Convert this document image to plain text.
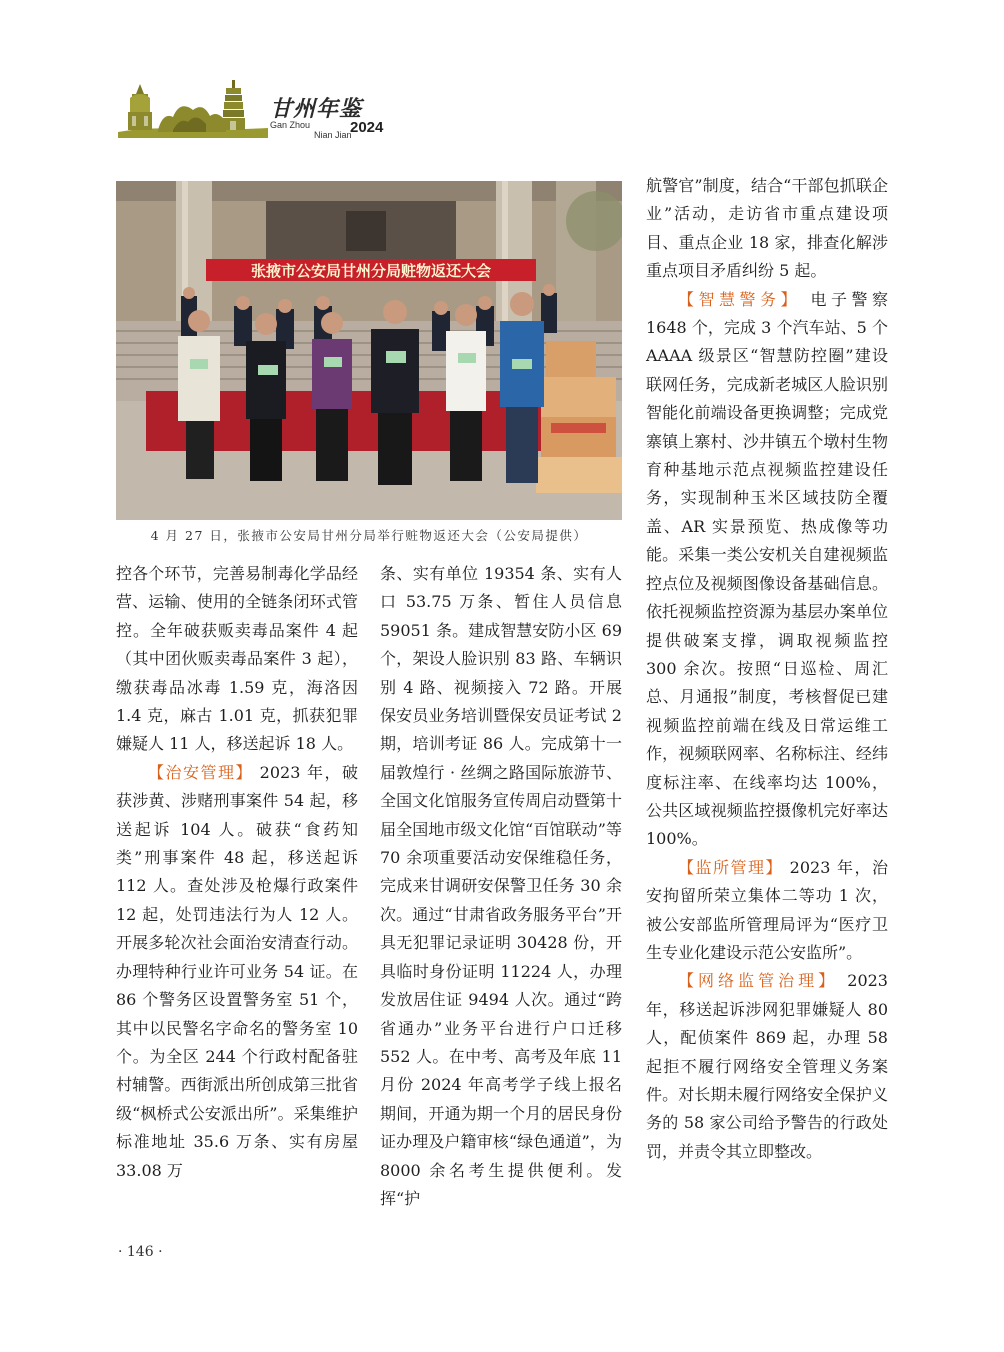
甘州年鉴
Gan Zhou
Nian Jian
2024
张掖市公安局甘州分局赃物返还大会
4 月 27 日，张掖市公安局甘州分局举行赃物返还大会（公安局提供）

控各个环节，完善易制毒化学品经营、运输、使用的全链条闭环式管控。全年破获贩卖毒品案件 4 起（其中团伙贩卖毒品案件 3 起），缴获毒品冰毒 1.59 克，海洛因 1.4 克，麻古 1.01 克，抓获犯罪嫌疑人 11 人，移送起诉 18 人。

【治安管理】 2023 年，破获涉黄、涉赌刑事案件 54 起，移送起诉 104 人。破获“食药知类”刑事案件 48 起，移送起诉 112 人。查处涉及枪爆行政案件 12 起，处罚违法行为人 12 人。开展多轮次社会面治安清查行动。办理特种行业许可业务 54 证。在 86 个警务区设置警务室 51 个，其中以民警名字命名的警务室 10 个。为全区 244 个行政村配备驻村辅警。西街派出所创成第三批省级“枫桥式公安派出所”。采集维护标准地址 35.6 万条、实有房屋 33.08 万

条、实有单位 19354 条、实有人口 53.75 万条、暂住人员信息 59051 条。建成智慧安防小区 69 个，架设人脸识别 83 路、车辆识别 4 路、视频接入 72 路。开展保安员业务培训暨保安员证考试 2 期，培训考证 86 人。完成第十一届敦煌行 · 丝绸之路国际旅游节、全国文化馆服务宣传周启动暨第十届全国地市级文化馆“百馆联动”等 70 余项重要活动安保维稳任务，完成来甘调研安保警卫任务 30 余次。通过“甘肃省政务服务平台”开具无犯罪记录证明 30428 份，开具临时身份证明 11224 人，办理发放居住证 9494 人次。通过“跨省通办”业务平台进行户口迁移 552 人。在中考、高考及年底 11 月份 2024 年高考学子线上报名期间，开通为期一个月的居民身份证办理及户籍审核“绿色通道”，为 8000 余名考生提供便利。发挥“护

航警官”制度，结合“干部包抓联企业”活动，走访省市重点建设项目、重点企业 18 家，排查化解涉重点项目矛盾纠纷 5 起。

【智慧警务】 电子警察 1648 个，完成 3 个汽车站、5 个 AAAA 级景区“智慧防控圈”建设联网任务，完成新老城区人脸识别智能化前端设备更换调整；完成党寨镇上寨村、沙井镇五个墩村生物育种基地示范点视频监控建设任务，实现制种玉米区域技防全覆盖、AR 实景预览、热成像等功能。采集一类公安机关自建视频监控点位及视频图像设备基础信息。依托视频监控资源为基层办案单位提供破案支撑，调取视频监控 300 余次。按照“日巡检、周汇总、月通报”制度，考核督促已建视频监控前端在线及日常运维工作，视频联网率、名称标注、经纬度标注率、在线率均达 100%，公共区域视频监控摄像机完好率达 100%。

【监所管理】 2023 年，治安拘留所荣立集体二等功 1 次，被公安部监所管理局评为“医疗卫生专业化建设示范公安监所”。

【网络监管治理】 2023 年，移送起诉涉网犯罪嫌疑人 80 人，配侦案件 869 起，办理 58 起拒不履行网络安全管理义务案件。对长期未履行网络安全保护义务的 58 家公司给予警告的行政处罚，并责令其立即整改。

· 146 ·
